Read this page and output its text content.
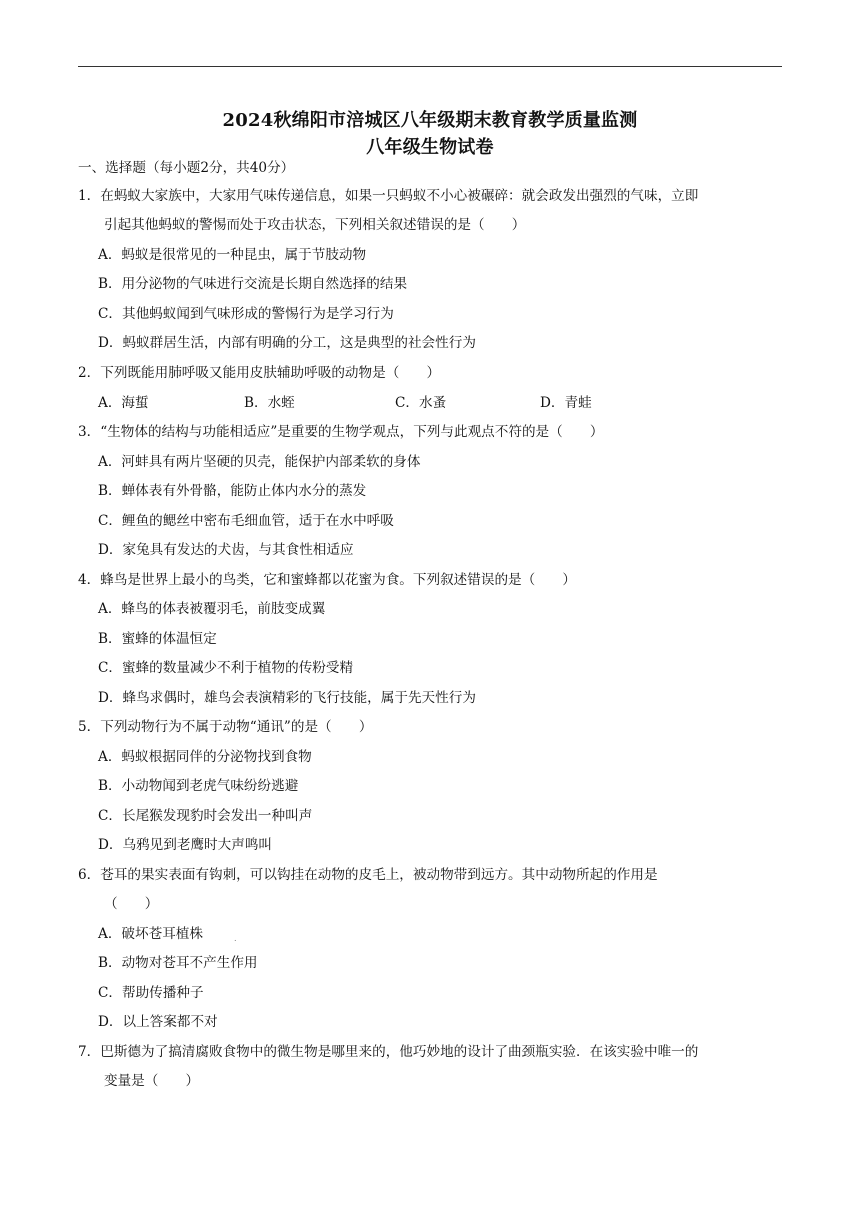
2024秋绵阳市涪城区八年级期末教育教学质量监测
八年级生物试卷
一、选择题（每小题2分，共40分）
1．在蚂蚁大家族中，大家用气味传递信息，如果一只蚂蚁不小心被碾碎：就会政发出强烈的气味，立即
引起其他蚂蚁的警惕而处于攻击状态，下列相关叙述错误的是（　　）
A．蚂蚁是很常见的一种昆虫，属于节肢动物
B．用分泌物的气味进行交流是长期自然选择的结果
C．其他蚂蚁闻到气味形成的警惕行为是学习行为
D．蚂蚁群居生活，内部有明确的分工，这是典型的社会性行为
2．下列既能用肺呼吸又能用皮肤辅助呼吸的动物是（　　）
A．海蜇	B．水蛭	C．水蚤	D．青蛙
3．“生物体的结构与功能相适应”是重要的生物学观点，下列与此观点不符的是（　　）
A．河蚌具有两片坚硬的贝壳，能保护内部柔软的身体
B．蝉体表有外骨骼，能防止体内水分的蒸发
C．鲤鱼的鳃丝中密布毛细血管，适于在水中呼吸
D．家兔具有发达的犬齿，与其食性相适应
4．蜂鸟是世界上最小的鸟类，它和蜜蜂都以花蜜为食。下列叙述错误的是（　　）
A．蜂鸟的体表被覆羽毛，前肢变成翼
B．蜜蜂的体温恒定
C．蜜蜂的数量减少不利于植物的传粉受精
D．蜂鸟求偶时，雄鸟会表演精彩的飞行技能，属于先天性行为
5．下列动物行为不属于动物“通讯”的是（　　）
A．蚂蚁根据同伴的分泌物找到食物
B．小动物闻到老虎气味纷纷逃避
C．长尾猴发现豹时会发出一种叫声
D．乌鸦见到老鹰时大声鸣叫
6．苍耳的果实表面有钩刺，可以钩挂在动物的皮毛上，被动物带到远方。其中动物所起的作用是
（　　）
A．破坏苍耳植株	.
B．动物对苍耳不产生作用
C．帮助传播种子
D．以上答案都不对
7．巴斯德为了搞清腐败食物中的微生物是哪里来的，他巧妙地的设计了曲颈瓶实验．在该实验中唯一的
变量是（　　）
